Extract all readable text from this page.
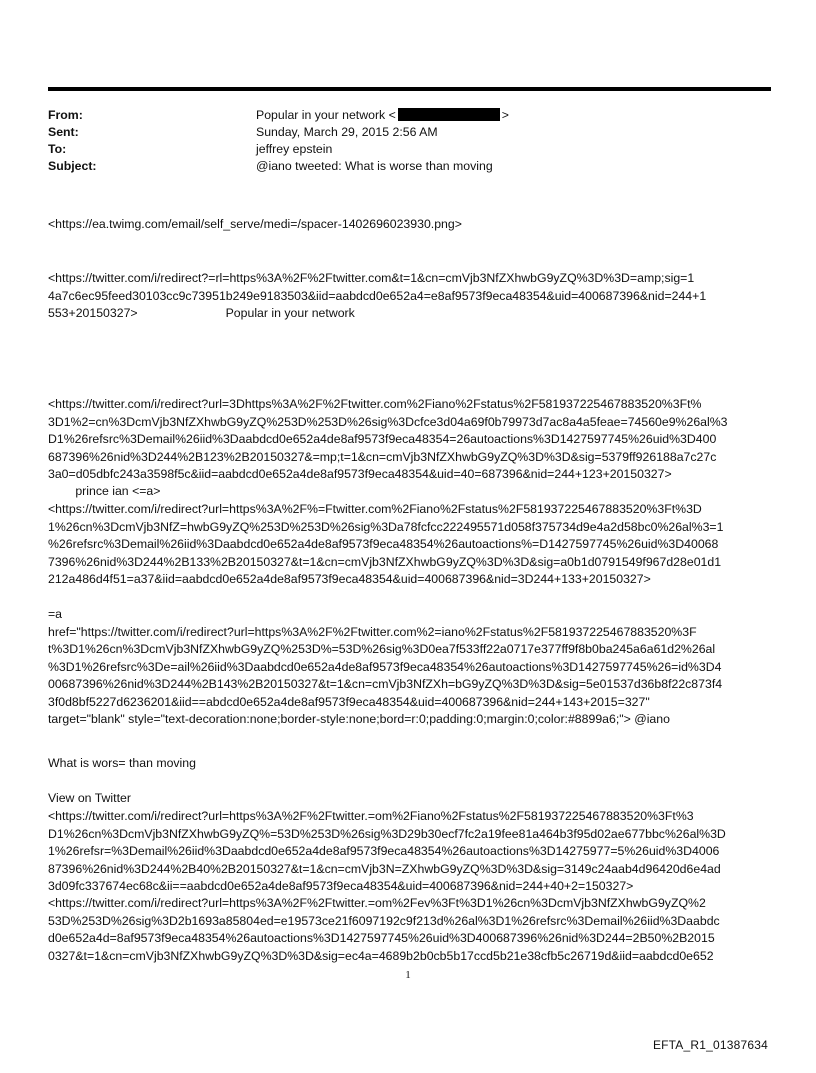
From:	Popular in your network <	>
Sent:	Sunday, March 29, 2015 2:56 AM
To:	jeffrey epstein
Subject:	@iano tweeted: What is worse than moving
<https://ea.twimg.com/email/self_serve/medi=/spacer-1402696023930.png>
<https://twitter.com/i/redirect?=rl=https%3A%2F%2Ftwitter.com&t=1&cn=cmVjb3NfZXhwbG9yZQ%3D%3D=amp;sig=1
4a7c6ec95feed30103cc9c73951b249e9183503&iid=aabdcd0e652a4=e8af9573f9eca48354&uid=400687396&nid=244+1
553+20150327>	Popular in your network
<https://twitter.com/i/redirect?url=3Dhttps%3A%2F%2Ftwitter.com%2Fiano%2Fstatus%2F581937225467883520%3Ft%
3D1%2=cn%3DcmVjb3NfZXhwbG9yZQ%253D%253D%26sig%3Dcfce3d04a69f0b79973d7ac8a4a5feae=74560e9%26al%3
D1%26refsrc%3Demail%26iid%3Daabdcd0e652a4de8af9573f9eca48354=26autoactions%3D1427597745%26uid%3D400
687396%26nid%3D244%2B123%2B20150327&=mp;t=1&cn=cmVjb3NfZXhwbG9yZQ%3D%3D&sig=5379ff926188a7c27c
3a0=d05dbfc243a3598f5c&iid=aabdcd0e652a4de8af9573f9eca48354&uid=40=687396&nid=244+123+20150327>
prince ian <=a>
<https://twitter.com/i/redirect?url=https%3A%2F%=Ftwitter.com%2Fiano%2Fstatus%2F581937225467883520%3Ft%3D
1%26cn%3DcmVjb3NfZ=hwbG9yZQ%253D%253D%26sig%3Da78fcfcc222495571d058f375734d9e4a2d58bc0%26al%3=1
%26refsrc%3Demail%26iid%3Daabdcd0e652a4de8af9573f9eca48354%26autoactions%=D1427597745%26uid%3D40068
7396%26nid%3D244%2B133%2B20150327&t=1&cn=cmVjb3NfZXhwbG9yZQ%3D%3D&sig=a0b1d0791549f967d28e01d1
212a486d4f51=a37&iid=aabdcd0e652a4de8af9573f9eca48354&uid=400687396&nid=3D244+133+20150327>
=a
href="https://twitter.com/i/redirect?url=https%3A%2F%2Ftwitter.com%2=iano%2Fstatus%2F581937225467883520%3F
t%3D1%26cn%3DcmVjb3NfZXhwbG9yZQ%253D%=53D%26sig%3D0ea7f533ff22a0717e377ff9f8b0ba245a6a61d2%26al
%3D1%26refsrc%3De=ail%26iid%3Daabdcd0e652a4de8af9573f9eca48354%26autoactions%3D1427597745%26=id%3D4
00687396%26nid%3D244%2B143%2B20150327&t=1&cn=cmVjb3NfZXh=bG9yZQ%3D%3D&sig=5e01537d36b8f22c873f4
3f0d8bf5227d6236201&iid==abdcd0e652a4de8af9573f9eca48354&uid=400687396&nid=244+143+2015=327"
target="blank" style="text-decoration:none;border-style:none;bord=r:0;padding:0;margin:0;color:#8899a6;"> @iano
What is wors= than moving
View on Twitter
<https://twitter.com/i/redirect?url=https%3A%2F%2Ftwitter.=om%2Fiano%2Fstatus%2F581937225467883520%3Ft%3
D1%26cn%3DcmVjb3NfZXhwbG9yZQ%=53D%253D%26sig%3D29b30ecf7fc2a19fee81a464b3f95d02ae677bbc%26al%3D
1%26refsr=%3Demail%26iid%3Daabdcd0e652a4de8af9573f9eca48354%26autoactions%3D14275977=5%26uid%3D4006
87396%26nid%3D244%2B40%2B20150327&t=1&cn=cmVjb3N=ZXhwbG9yZQ%3D%3D&sig=3149c24aab4d96420d6e4ad
3d09fc337674ec68c&ii==aabdcd0e652a4de8af9573f9eca48354&uid=400687396&nid=244+40+2=150327>
<https://twitter.com/i/redirect?url=https%3A%2F%2Ftwitter.=om%2Fev%3Ft%3D1%26cn%3DcmVjb3NfZXhwbG9yZQ%2
53D%253D%26sig%3D2b1693a85804ed=e19573ce21f6097192c9f213d%26al%3D1%26refsrc%3Demail%26iid%3Daabdc
d0e652a4d=8af9573f9eca48354%26autoactions%3D1427597745%26uid%3D400687396%26nid%3D244=2B50%2B2015
0327&t=1&cn=cmVjb3NfZXhwbG9yZQ%3D%3D&sig=ec4a=4689b2b0cb5b17ccd5b21e38cfb5c26719d&iid=aabdcd0e652
1
EFTA_R1_01387634
